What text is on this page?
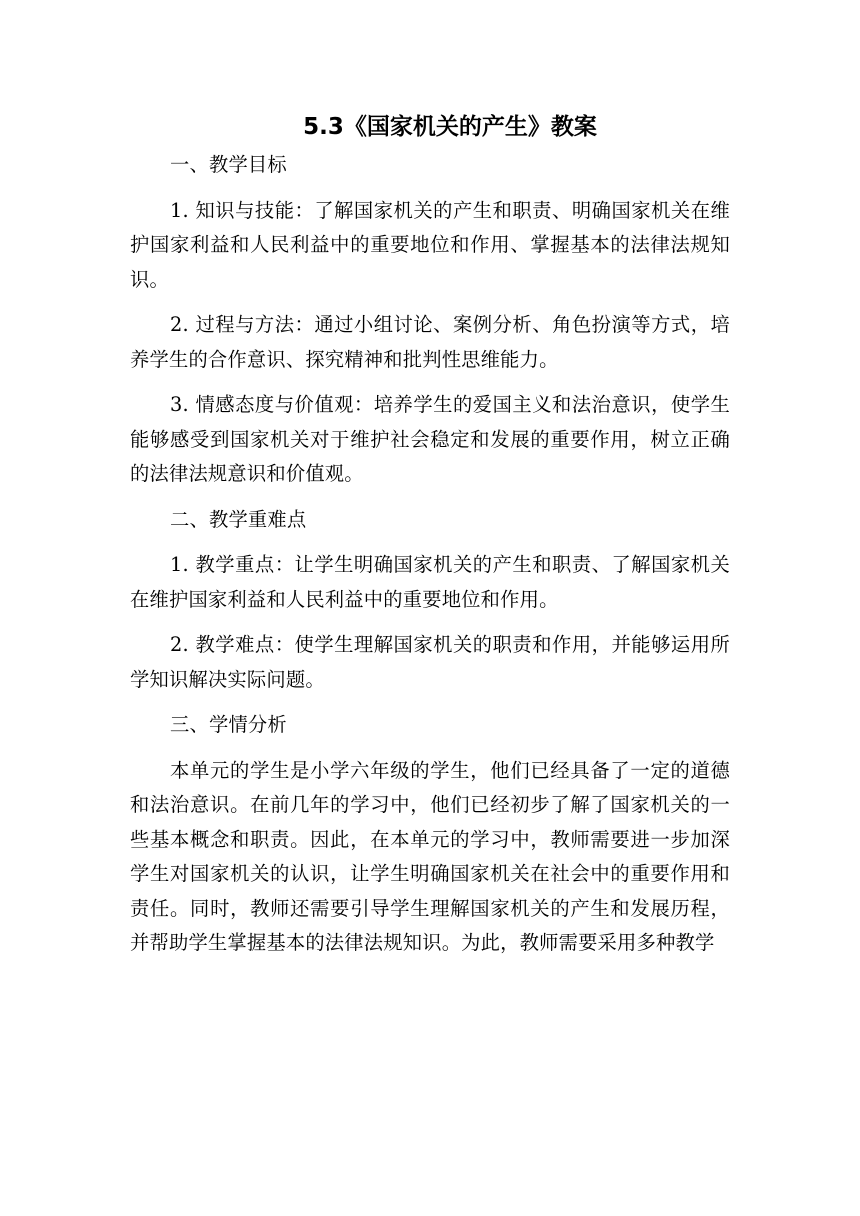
5.3《国家机关的产生》教案

一、教学目标

1. 知识与技能：了解国家机关的产生和职责、明确国家机关在维护国家利益和人民利益中的重要地位和作用、掌握基本的法律法规知识。

2. 过程与方法：通过小组讨论、案例分析、角色扮演等方式，培养学生的合作意识、探究精神和批判性思维能力。

3. 情感态度与价值观：培养学生的爱国主义和法治意识，使学生能够感受到国家机关对于维护社会稳定和发展的重要作用，树立正确的法律法规意识和价值观。

二、教学重难点

1. 教学重点：让学生明确国家机关的产生和职责、了解国家机关在维护国家利益和人民利益中的重要地位和作用。

2. 教学难点：使学生理解国家机关的职责和作用，并能够运用所学知识解决实际问题。

三、学情分析

本单元的学生是小学六年级的学生，他们已经具备了一定的道德和法治意识。在前几年的学习中，他们已经初步了解了国家机关的一些基本概念和职责。因此，在本单元的学习中，教师需要进一步加深学生对国家机关的认识，让学生明确国家机关在社会中的重要作用和责任。同时，教师还需要引导学生理解国家机关的产生和发展历程，并帮助学生掌握基本的法律法规知识。为此，教师需要采用多种教学
